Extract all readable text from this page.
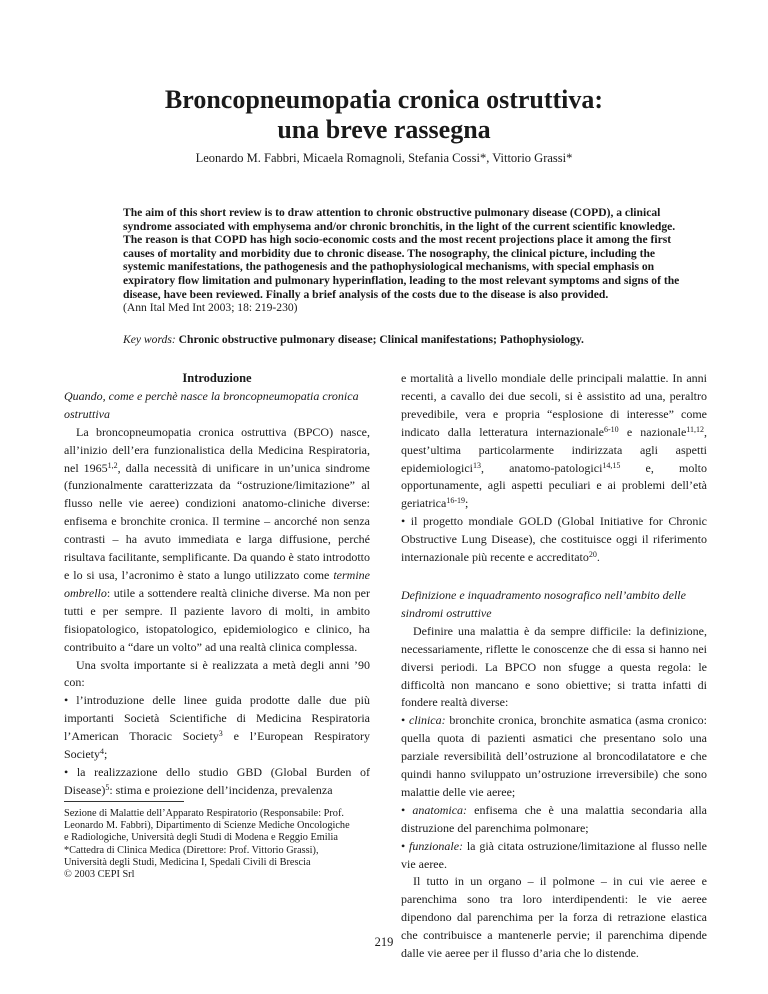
Broncopneumopatia cronica ostruttiva:
una breve rassegna
Leonardo M. Fabbri, Micaela Romagnoli, Stefania Cossi*, Vittorio Grassi*

The aim of this short review is to draw attention to chronic obstructive pulmonary disease (COPD), a clinical syndrome associated with emphysema and/or chronic bronchitis, in the light of the current scientific knowledge.

The reason is that COPD has high socio-economic costs and the most recent projections place it among the first causes of mortality and morbidity due to chronic disease. The nosography, the clinical picture, including the systemic manifestations, the pathogenesis and the pathophysiological mechanisms, with special emphasis on expiratory flow limitation and pulmonary hyperinflation, leading to the most relevant symptoms and signs of the disease, have been reviewed. Finally a brief analysis of the costs due to the disease is also provided.

(Ann Ital Med Int 2003; 18: 219-230)

Key words: Chronic obstructive pulmonary disease; Clinical manifestations; Pathophysiology.

Introduzione

Quando, come e perchè nasce la broncopneumopatia cronica ostruttiva

La broncopneumopatia cronica ostruttiva (BPCO) nasce, all’inizio dell’era funzionalistica della Medicina Respiratoria, nel 1965$^{1,2}$, dalla necessità di unificare in un’unica sindrome (funzionalmente caratterizzata da “ostruzione/limitazione” al flusso nelle vie aeree) condizioni anatomo-cliniche diverse: enfisema e bronchite cronica. Il termine – ancorché non senza contrasti – ha avuto immediata e larga diffusione, perché risultava facilitante, semplificante. Da quando è stato introdotto e lo si usa, l’acronimo è stato a lungo utilizzato come termine ombrello: utile a sottendere realtà cliniche diverse. Ma non per tutti e per sempre. Il paziente lavoro di molti, in ambito fisiopatologico, istopatologico, epidemiologico e clinico, ha contribuito a “dare un volto” ad una realtà clinica complessa.

Una svolta importante si è realizzata a metà degli anni ’90 con:

• l’introduzione delle linee guida prodotte dalle due più importanti Società Scientifiche di Medicina Respiratoria l’American Thoracic Society$^3$ e l’European Respiratory Society$^4$;

• la realizzazione dello studio GBD (Global Burden of Disease)$^5$: stima e proiezione dell’incidenza, prevalenza

e mortalità a livello mondiale delle principali malattie. In anni recenti, a cavallo dei due secoli, si è assistito ad una, peraltro prevedibile, vera e propria “esplosione di interesse” come indicato dalla letteratura internazionale$^{6-10}$ e nazionale$^{11,12}$, quest’ultima particolarmente indirizzata agli aspetti epidemiologici$^{13}$, anatomo-patologici$^{14,15}$ e, molto opportunamente, agli aspetti peculiari e ai problemi dell’età geriatrica$^{16-19}$;

• il progetto mondiale GOLD (Global Initiative for Chronic Obstructive Lung Disease), che costituisce oggi il riferimento internazionale più recente e accreditato$^{20}$.

Definizione e inquadramento nosografico nell’ambito delle sindromi ostruttive

Definire una malattia è da sempre difficile: la definizione, necessariamente, riflette le conoscenze che di essa si hanno nei diversi periodi. La BPCO non sfugge a questa regola: le difficoltà non mancano e sono obiettive; si tratta infatti di fondere realtà diverse:

• clinica: bronchite cronica, bronchite asmatica (asma cronico: quella quota di pazienti asmatici che presentano solo una parziale reversibilità dell’ostruzione al broncodilatatore e che quindi hanno sviluppato un’ostruzione irreversibile) che sono malattie delle vie aeree;

• anatomica: enfisema che è una malattia secondaria alla distruzione del parenchima polmonare;

• funzionale: la già citata ostruzione/limitazione al flusso nelle vie aeree.

Il tutto in un organo – il polmone – in cui vie aeree e parenchima sono tra loro interdipendenti: le vie aeree dipendono dal parenchima per la forza di retrazione elastica che contribuisce a mantenerle pervie; il parenchima dipende dalle vie aeree per il flusso d’aria che lo distende.

Sezione di Malattie dell’Apparato Respiratorio (Responsabile: Prof.
Leonardo M. Fabbri), Dipartimento di Scienze Mediche Oncologiche
e Radiologiche, Università degli Studi di Modena e Reggio Emilia
*Cattedra di Clinica Medica (Direttore: Prof. Vittorio Grassi),
Università degli Studi, Medicina I, Spedali Civili di Brescia
© 2003 CEPI Srl
219
